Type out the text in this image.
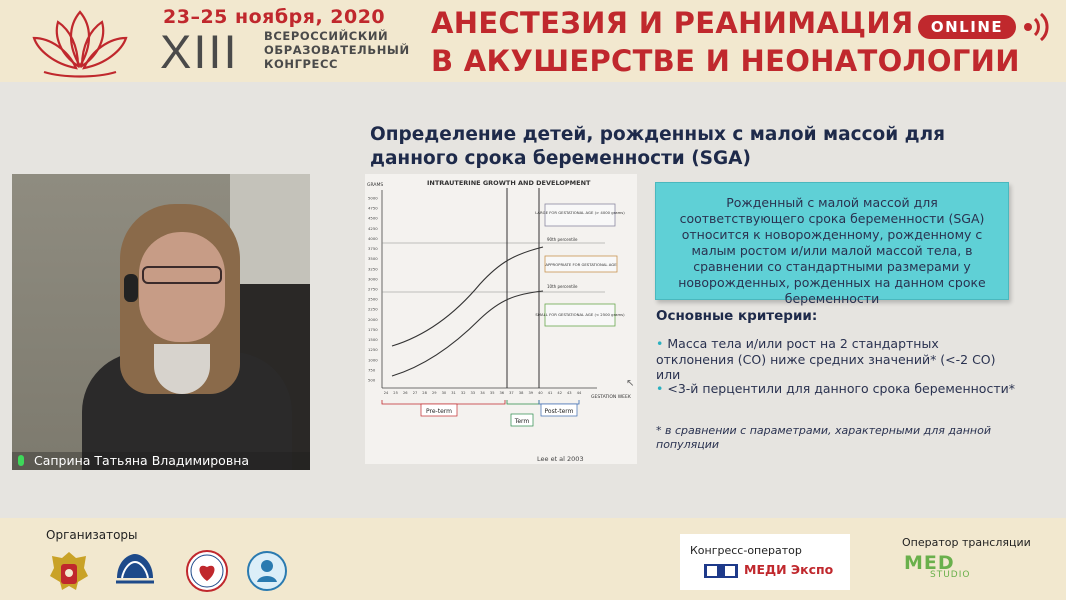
23–25 ноября, 2020
XIII ВСЕРОССИЙСКИЙ
ОБРАЗОВАТЕЛЬНЫЙ
КОНГРЕСС
АНЕСТЕЗИЯ И РЕАНИМАЦИЯ
В АКУШЕРСТВЕ И НЕОНАТОЛОГИИ
ONLINE
Саприна Татьяна Владимировна
Определение детей, рожденных с малой массой для
данного срока беременности (SGA)
INTRAUTERINE GROWTH AND DEVELOPMENT
GRAMS
5000
4750
4500
4250
4000
3750
3500
3250
3000
2750
2500
2250
2000
1750
1500
1250
1000
750
500
24 25 26 27 28 29 30 31 32 33 34 35 36 37 38 39 40 41 42 43 44
GESTATION WEEK
90th percentile
10th percentile
LARGE FOR GESTATIONAL AGE (> 4000 grams)
APPROPRIATE FOR GESTATIONAL AGE
SMALL FOR GESTATIONAL AGE (< 2500 grams)
Pre-term
Term
Post-term
Lee et al 2003
Рожденный с малой массой для соответствующего срока беременности (SGA) относится к новорожденному, рожденному с малым ростом и/или малой массой тела, в сравнении со стандартными размерами у новорожденных, рожденных на данном сроке беременности
Основные критерии:
• Масса тела и/или рост на 2 стандартных отклонения (СО) ниже средних значений* (<-2 СО) или
• <3-й перцентили для данного срока беременности*
* в сравнении с параметрами, характерными для данной популяции
↖
Организаторы
Конгресс-оператор
МЕДИ Экспо
Оператор трансляции
MED
STUDIO
